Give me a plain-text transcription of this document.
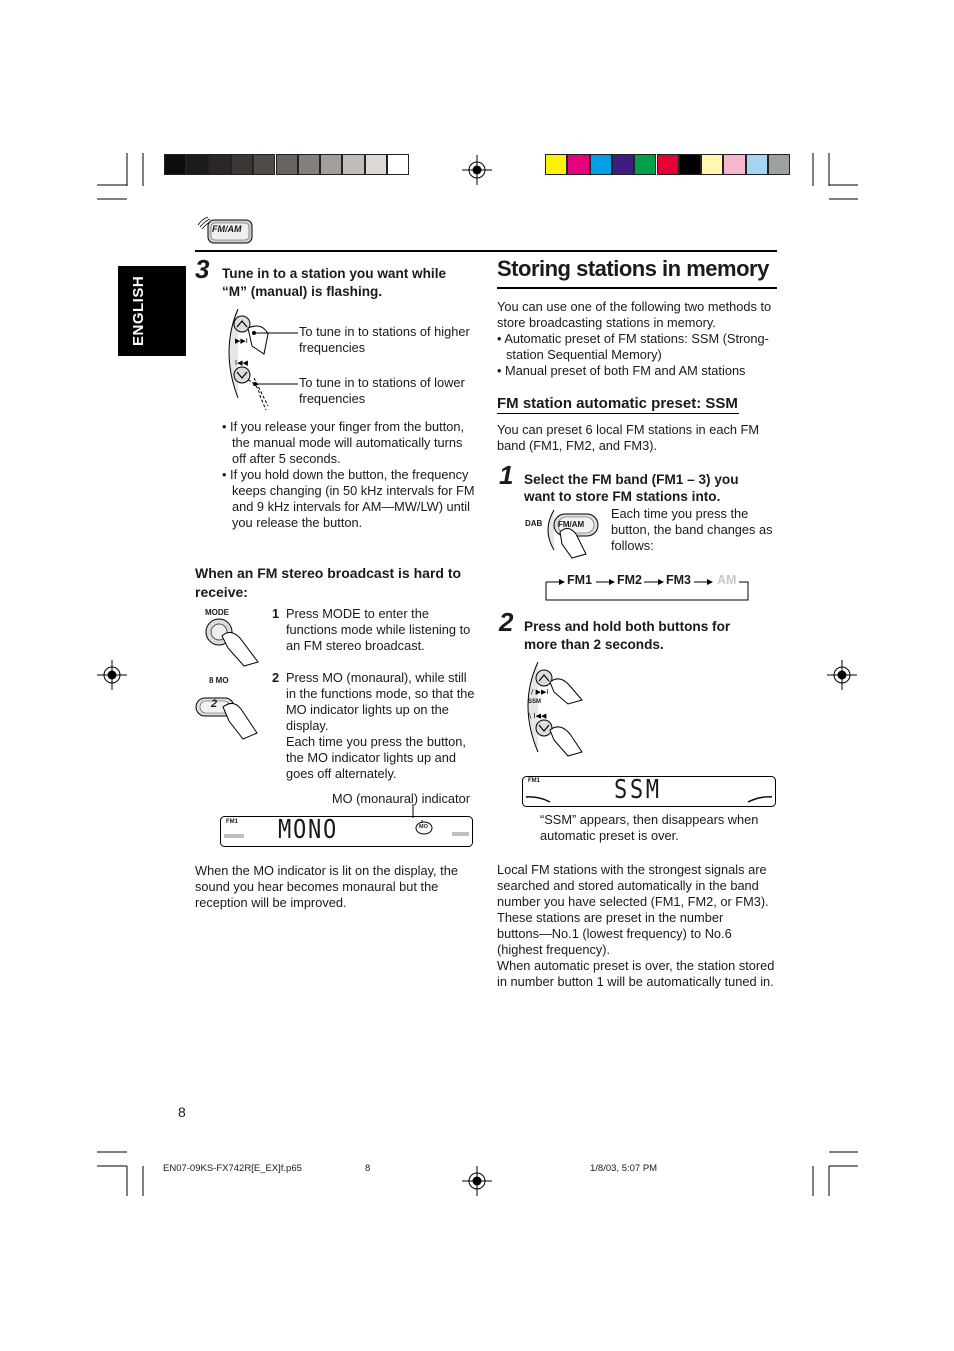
FM/AM
ENGLISH
3 Tune in to a station you want while
“M” (manual) is flashing.
▶▶I
I◀◀
To tune in to stations of higher
frequencies
To tune in to stations of lower
frequencies
• If you release your finger from the button,
the manual mode will automatically turns
off after 5 seconds.
• If you hold down the button, the frequency
keeps changing (in 50 kHz intervals for FM
and 9 kHz intervals for AM—MW/LW) until
you release the button.
When an FM stereo broadcast is hard to
receive:
MODE
8 MO
2
1 Press MODE to enter the
functions mode while listening to
an FM stereo broadcast.
2 Press MO (monaural), while still
in the functions mode, so that the
MO indicator lights up on the
display.
Each time you press the button,
the MO indicator lights up and
goes off alternately.
MO (monaural) indicator
FM1 MONO	MO
When the MO indicator is lit on the display, the
sound you hear becomes monaural but the
reception will be improved.
Storing stations in memory
You can use one of the following two methods to
store broadcasting stations in memory.
• Automatic preset of FM stations: SSM (Strong-
station Sequential Memory)
• Manual preset of both FM and AM stations
FM station automatic preset: SSM
You can preset 6 local FM stations in each FM
band (FM1, FM2, and FM3).
1 Select the FM band (FM1 – 3) you
want to store FM stations into.
DAB FM/AM
Each time you press the
button, the band changes as
follows:
FM1 FM2 FM3 AM
2 Press and hold both buttons for
more than 2 seconds.
/ ▶▶I
\ I◀◀
SSM
FM1	SSM
“SSM” appears, then disappears when
automatic preset is over.
Local FM stations with the strongest signals are
searched and stored automatically in the band
number you have selected (FM1, FM2, or FM3).
These stations are preset in the number
buttons—No.1 (lowest frequency) to No.6
(highest frequency).
When automatic preset is over, the station stored
in number button 1 will be automatically tuned in.
8
EN07-09KS-FX742R[E_EX]f.p65	8	1/8/03, 5:07 PM
